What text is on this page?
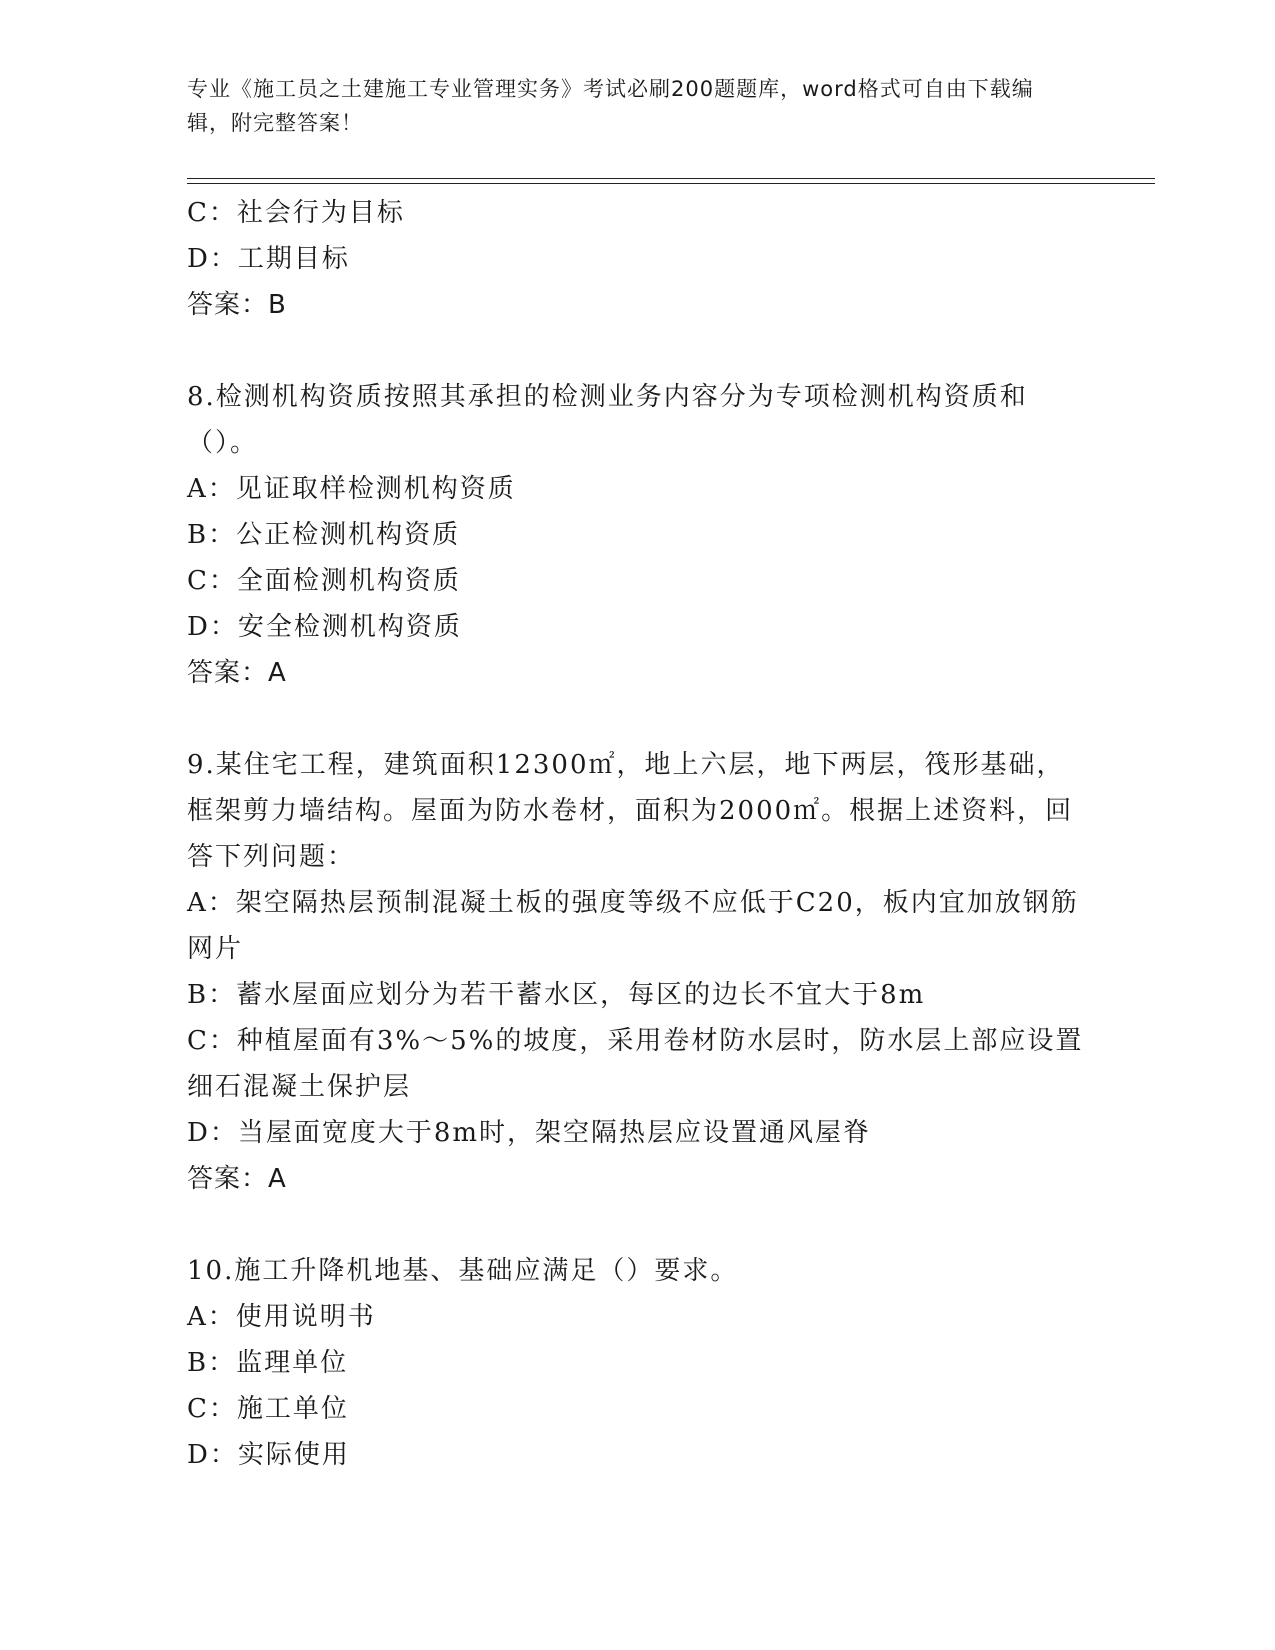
专业《施工员之土建施工专业管理实务》考试必刷200题题库，word格式可自由下载编辑，附完整答案！

C：社会行为目标

D：工期目标

答案：B

8.检测机构资质按照其承担的检测业务内容分为专项检测机构资质和（）。

A：见证取样检测机构资质

B：公正检测机构资质

C：全面检测机构资质

D：安全检测机构资质

答案：A

9.某住宅工程，建筑面积12300㎡，地上六层，地下两层，筏形基础，框架剪力墙结构。屋面为防水卷材，面积为2000㎡。根据上述资料，回答下列问题：

A：架空隔热层预制混凝土板的强度等级不应低于C20，板内宜加放钢筋网片

B：蓄水屋面应划分为若干蓄水区，每区的边长不宜大于8m

C：种植屋面有3%～5%的坡度，采用卷材防水层时，防水层上部应设置细石混凝土保护层

D：当屋面宽度大于8m时，架空隔热层应设置通风屋脊

答案：A

10.施工升降机地基、基础应满足（）要求。

A：使用说明书

B：监理单位

C：施工单位

D：实际使用
